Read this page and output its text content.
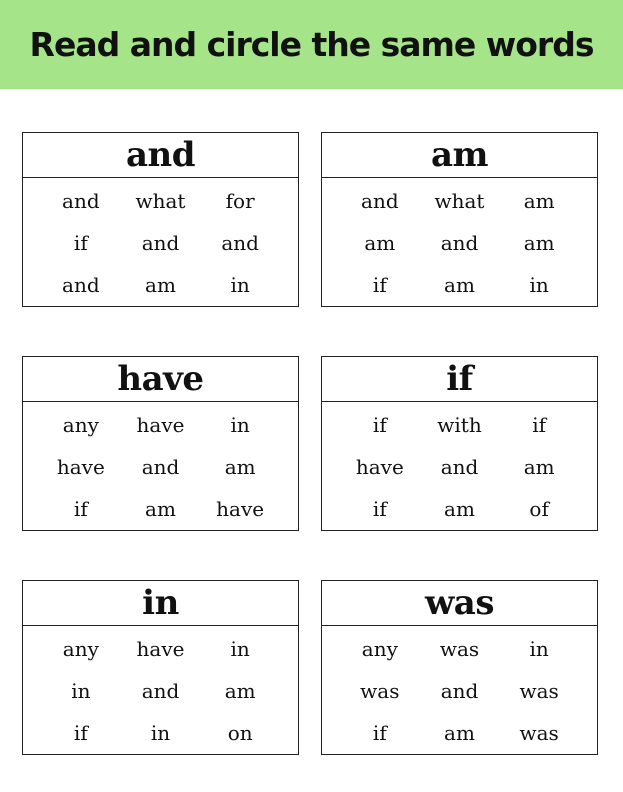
Read and circle the same words
and
and	what	for
if	and	and
and	am	in
am
and	what	am
am	and	am
if	am	in
have
any	have	in
have	and	am
if	am	have
if
if	with	if
have	and	am
if	am	of
in
any	have	in
in	and	am
if	in	on
was
any	was	in
was	and	was
if	am	was
